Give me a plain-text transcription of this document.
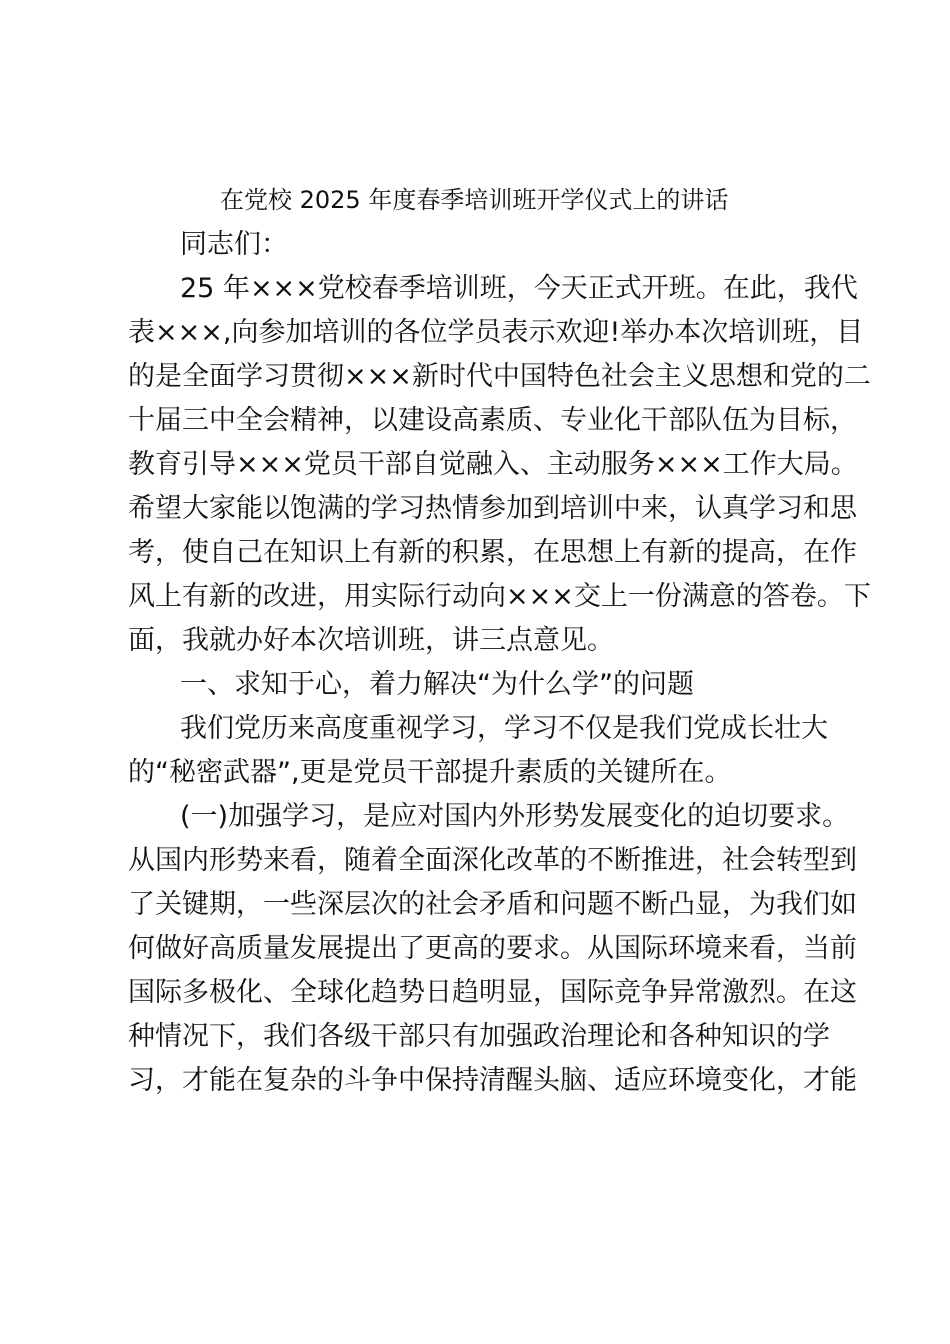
在党校 2025 年度春季培训班开学仪式上的讲话
同志们：
25 年×××党校春季培训班，今天正式开班。在此，我代
表×××,向参加培训的各位学员表示欢迎!举办本次培训班，目
的是全面学习贯彻×××新时代中国特色社会主义思想和党的二
十届三中全会精神，以建设高素质、专业化干部队伍为目标，
教育引导×××党员干部自觉融入、主动服务×××工作大局。
希望大家能以饱满的学习热情参加到培训中来，认真学习和思
考，使自己在知识上有新的积累，在思想上有新的提高，在作
风上有新的改进，用实际行动向×××交上一份满意的答卷。下
面，我就办好本次培训班，讲三点意见。
一、求知于心，着力解决“为什么学”的问题
我们党历来高度重视学习，学习不仅是我们党成长壮大
的“秘密武器”,更是党员干部提升素质的关键所在。
(一)加强学习，是应对国内外形势发展变化的迫切要求。
从国内形势来看，随着全面深化改革的不断推进，社会转型到
了关键期，一些深层次的社会矛盾和问题不断凸显，为我们如
何做好高质量发展提出了更高的要求。从国际环境来看，当前
国际多极化、全球化趋势日趋明显，国际竞争异常激烈。在这
种情况下，我们各级干部只有加强政治理论和各种知识的学
习，才能在复杂的斗争中保持清醒头脑、适应环境变化，才能
